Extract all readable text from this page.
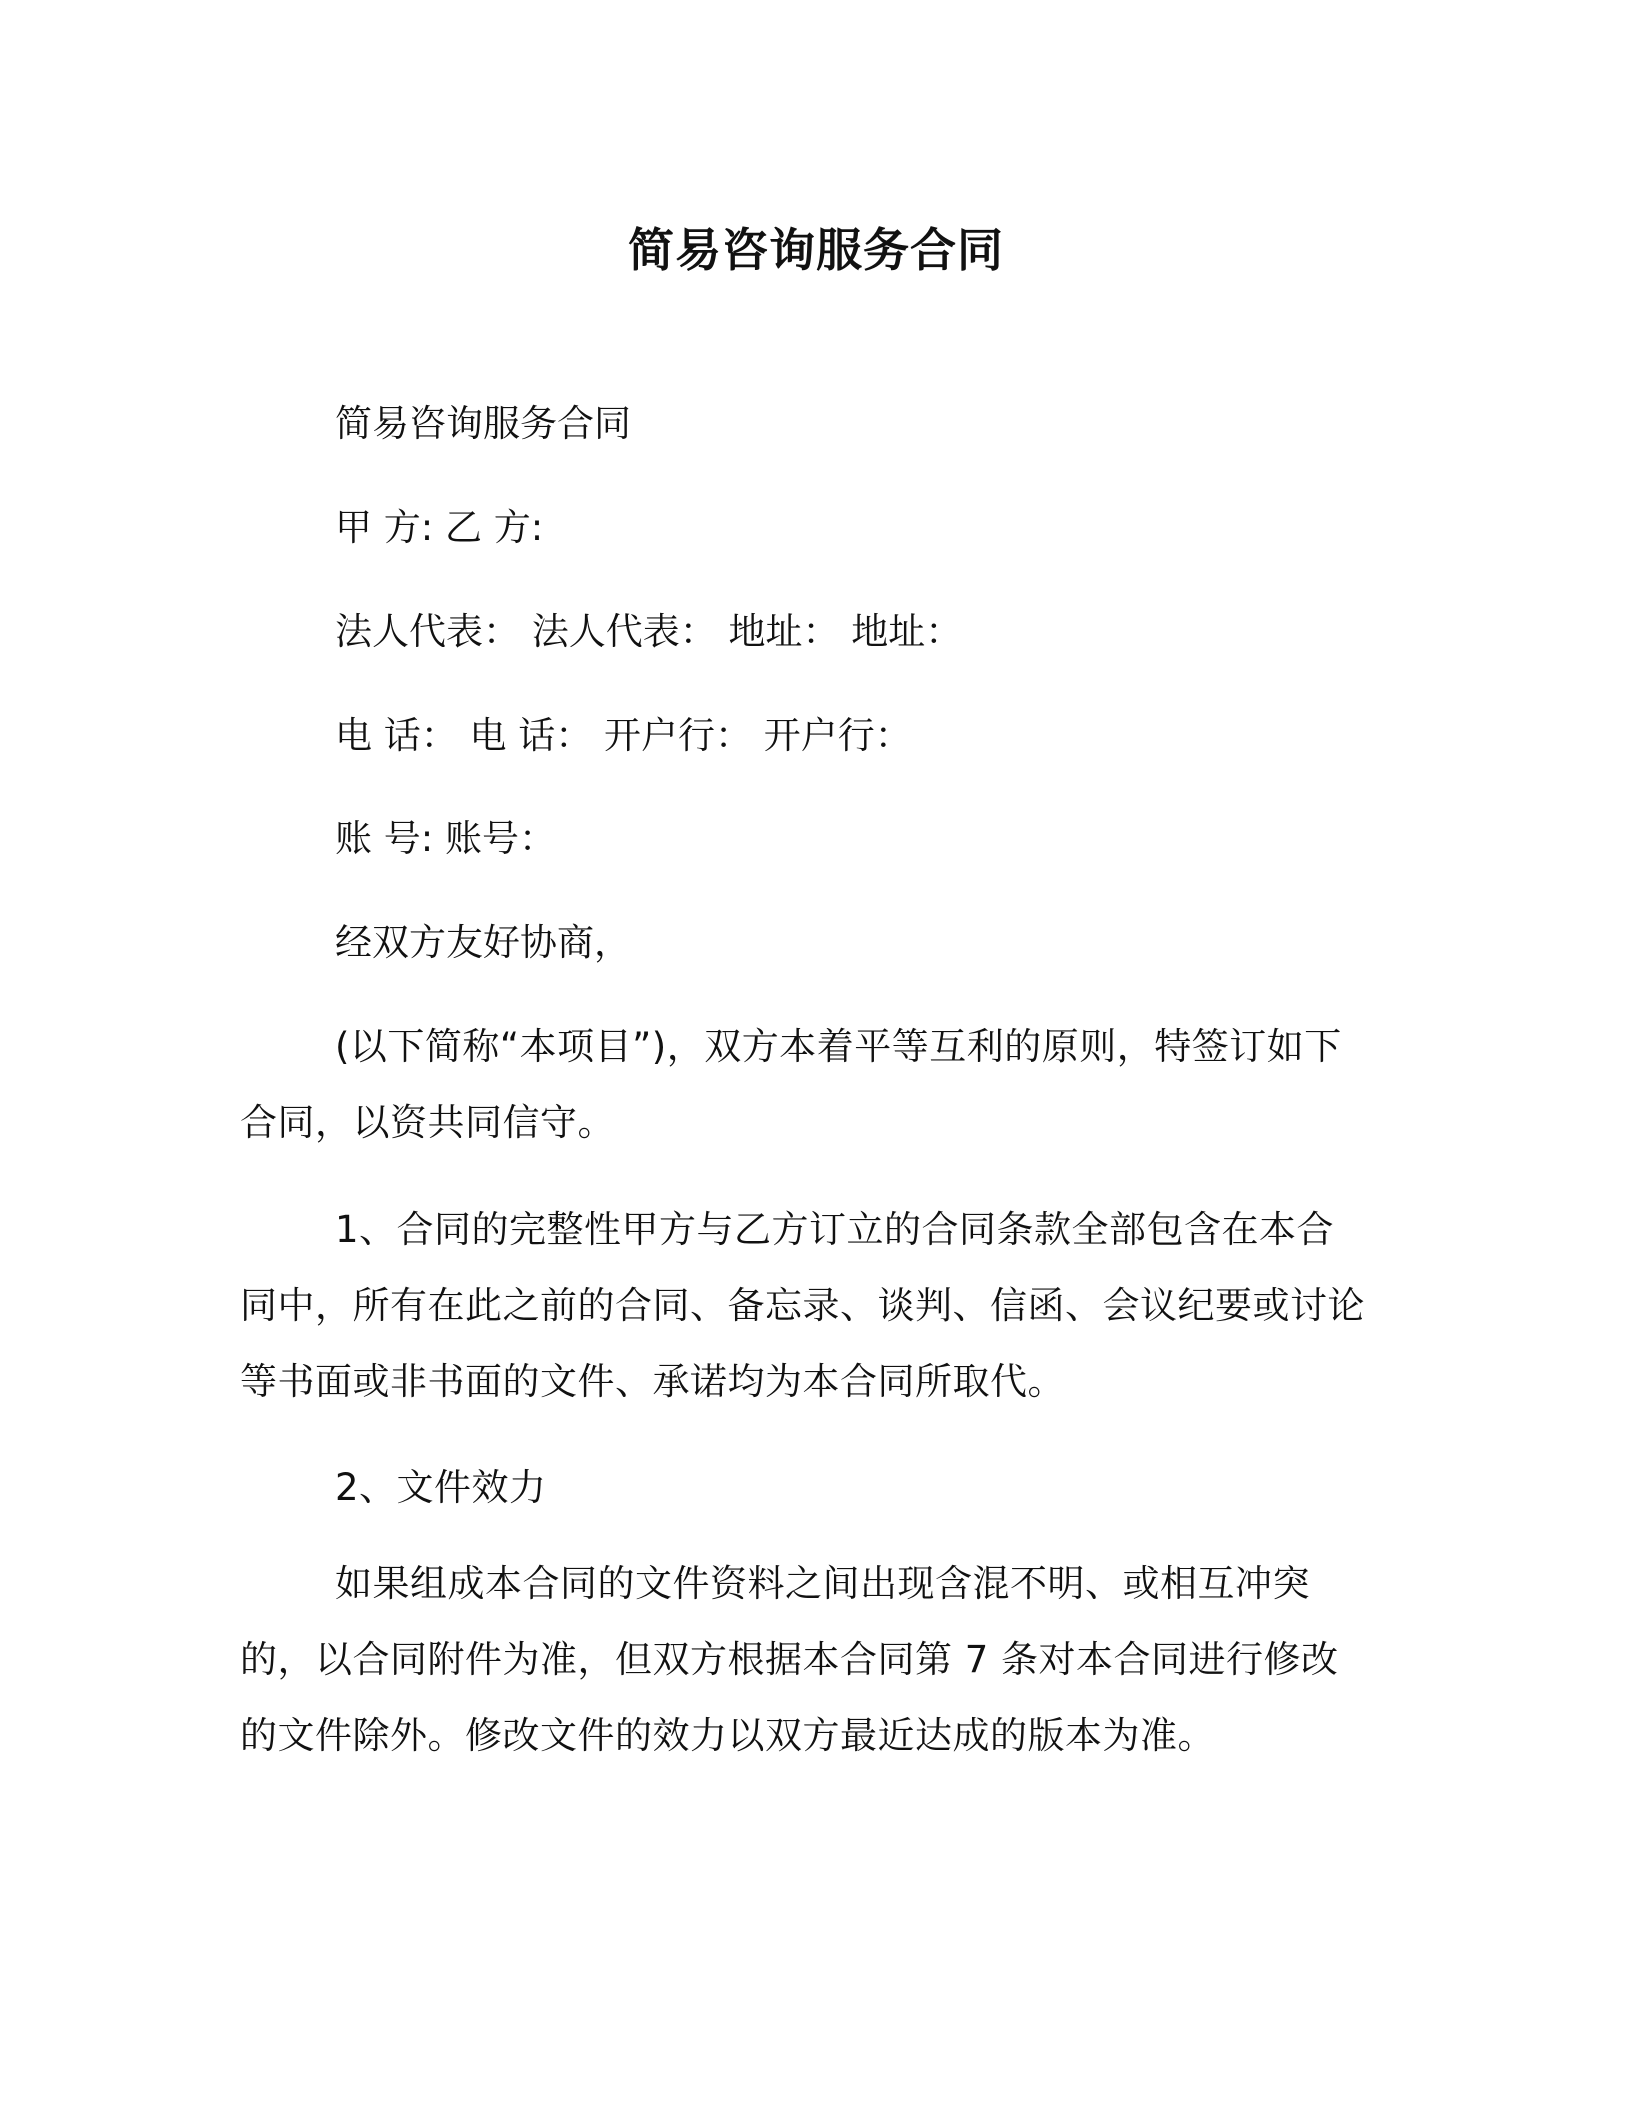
简易咨询服务合同
简易咨询服务合同
甲 方: 乙 方:
法人代表： 法人代表： 地址： 地址：
电 话： 电 话： 开户行： 开户行：
账 号: 账号：
经双方友好协商，

(以下简称“本项目”)，双方本着平等互利的原则，特签订如下合同，以资共同信守。

1、合同的完整性甲方与乙方订立的合同条款全部包含在本合同中，所有在此之前的合同、备忘录、谈判、信函、会议纪要或讨论等书面或非书面的文件、承诺均为本合同所取代。

2、文件效力

如果组成本合同的文件资料之间出现含混不明、或相互冲突的，以合同附件为准，但双方根据本合同第 7 条对本合同进行修改的文件除外。修改文件的效力以双方最近达成的版本为准。
